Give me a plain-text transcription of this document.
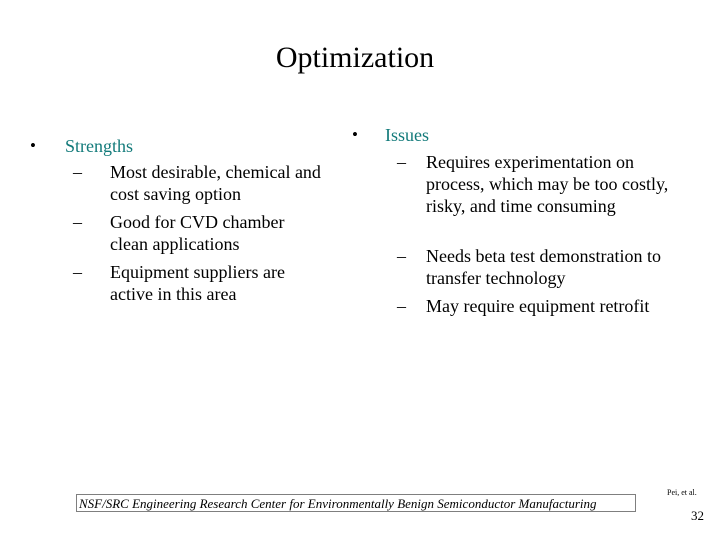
Optimization
• Strengths
– Most desirable, chemical and cost saving option
– Good for CVD chamber clean applications
– Equipment suppliers are active in this area
• Issues
– Requires experimentation on process, which may be too costly, risky, and time consuming
– Needs beta test demonstration to transfer technology
– May require equipment retrofit
NSF/SRC Engineering Research Center for Environmentally Benign Semiconductor Manufacturing
Pei, et al.
32
